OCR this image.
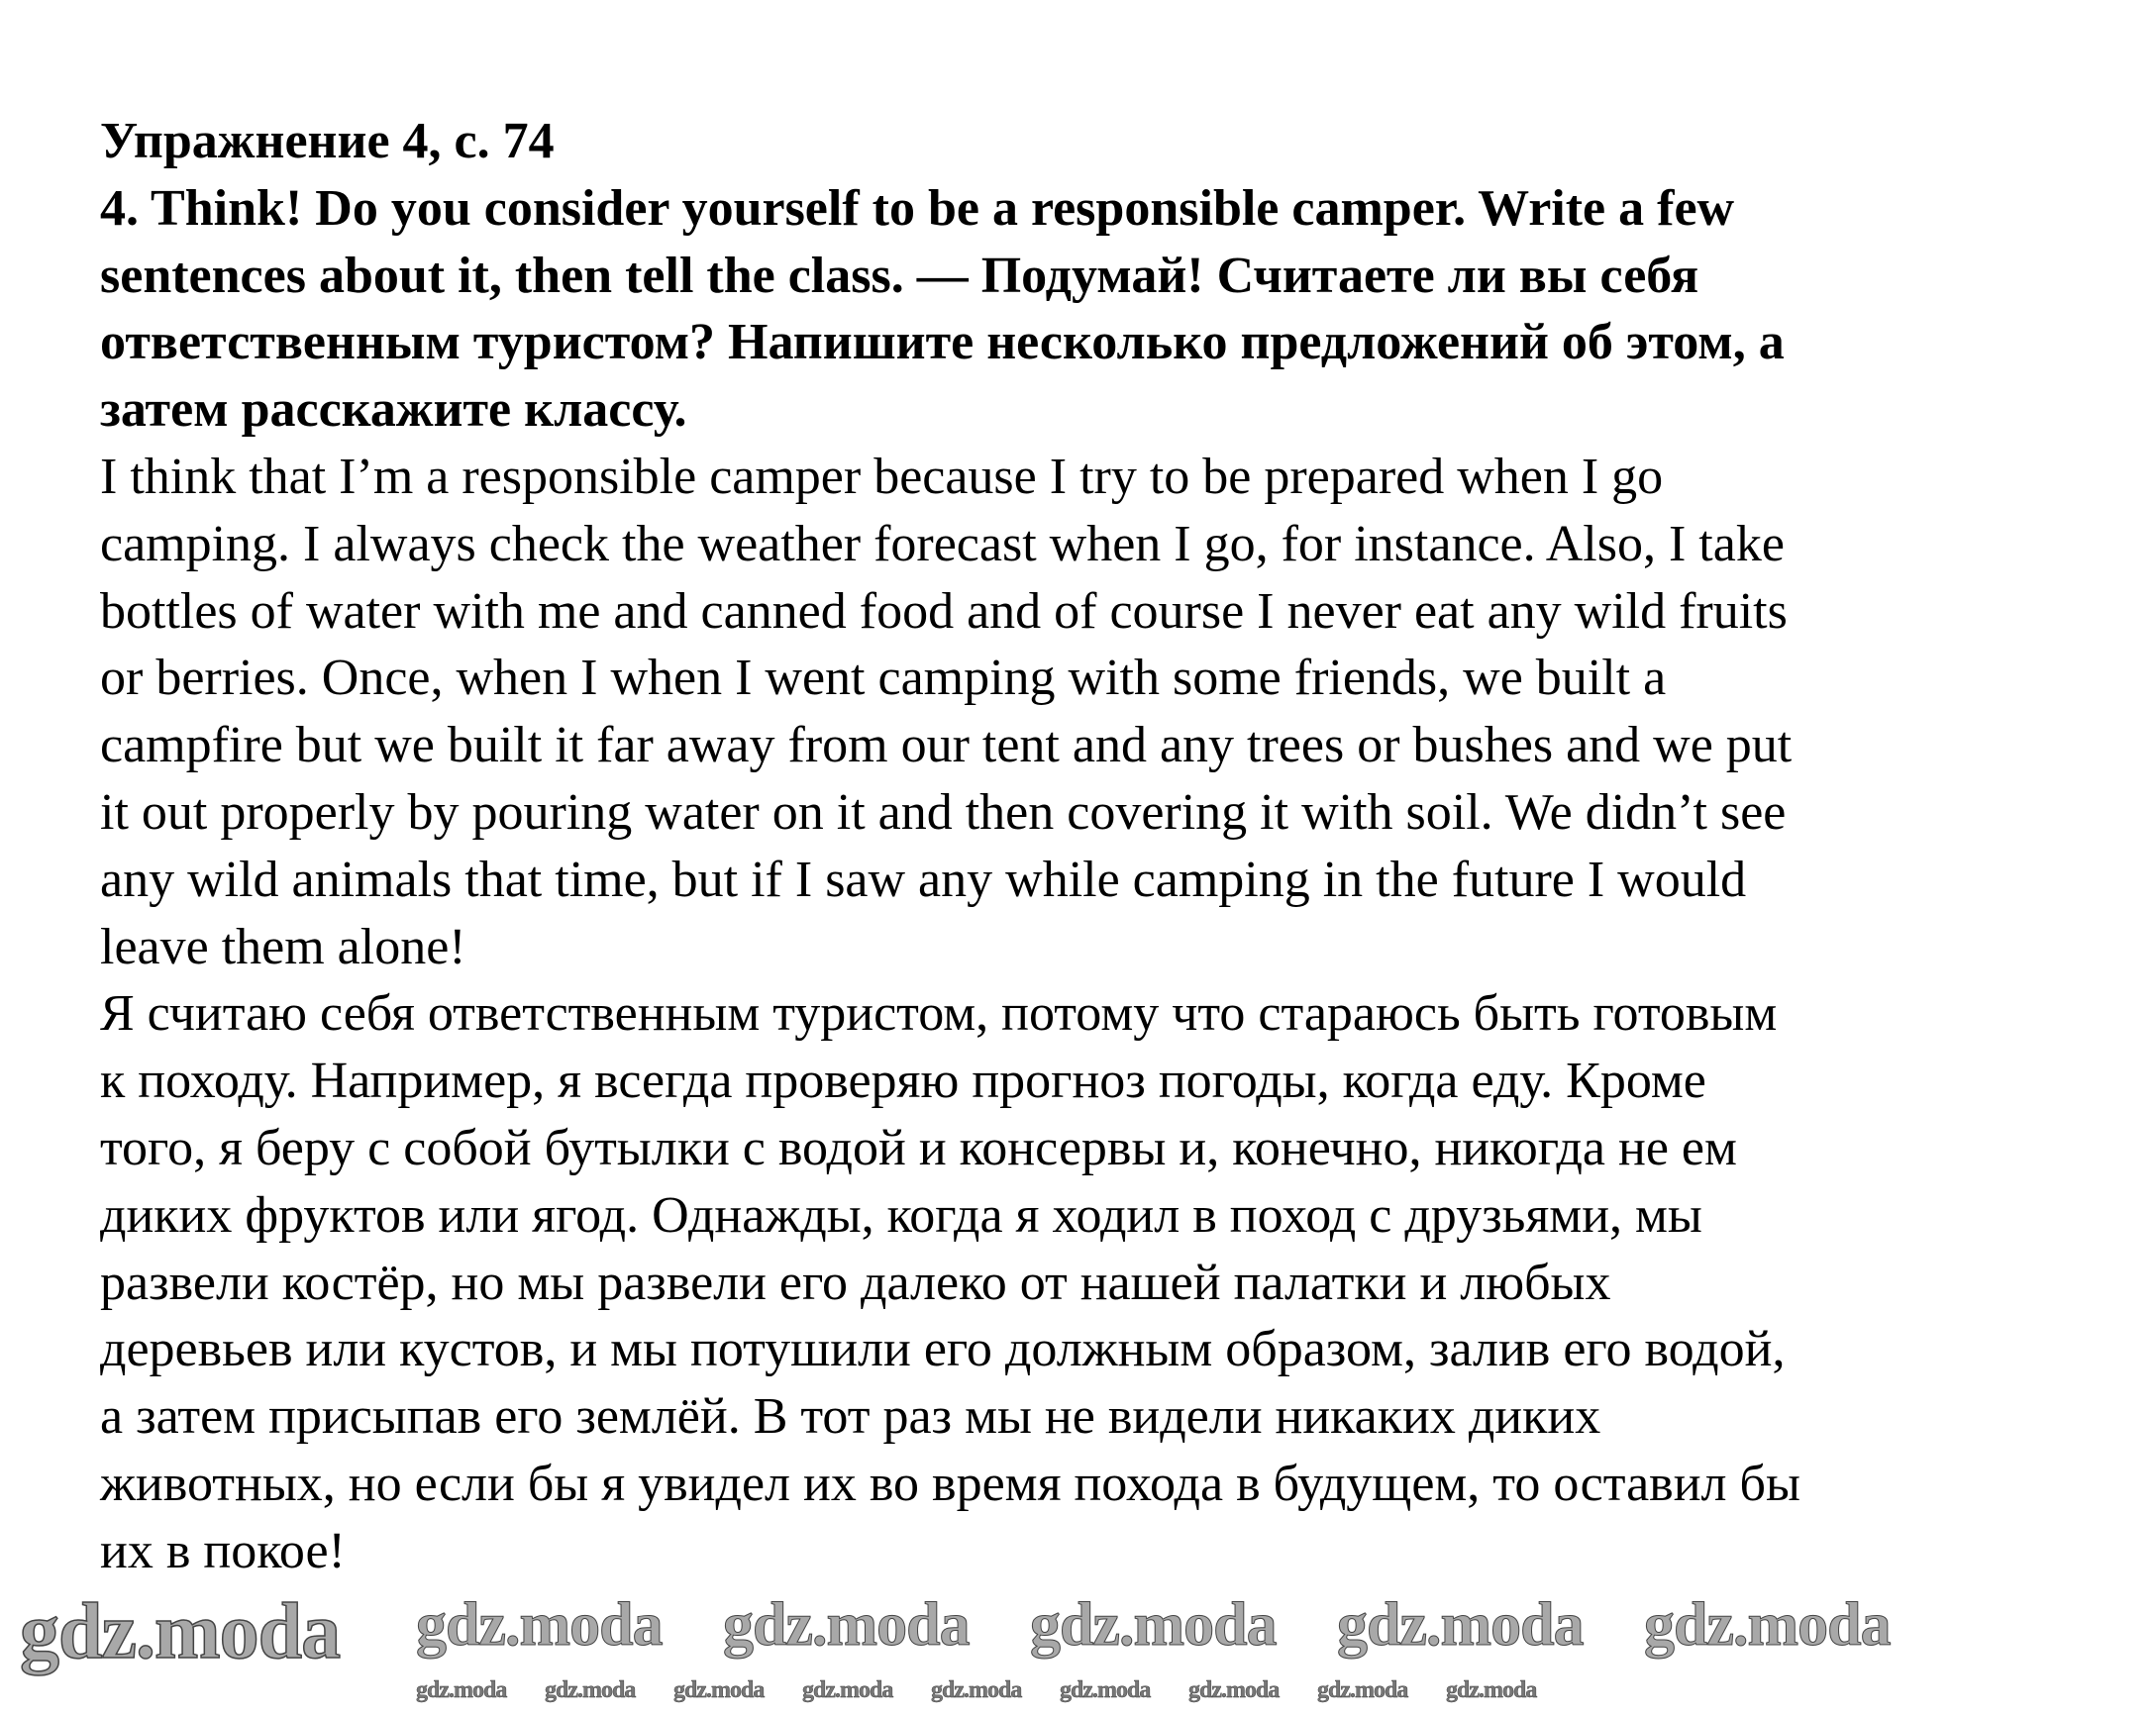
Упражнение 4, с. 74
4. Think! Do you consider yourself to be a responsible camper. Write a few
sentences about it, then tell the class. — Подумай! Считаете ли вы себя
ответственным туристом? Напишите несколько предложений об этом, а
затем расскажите классу.
I think that I’m a responsible camper because I try to be prepared when I go
camping. I always check the weather forecast when I go, for instance. Also, I take
bottles of water with me and canned food and of course I never eat any wild fruits
or berries. Once, when I when I went camping with some friends, we built a
campfire but we built it far away from our tent and any trees or bushes and we put
it out properly by pouring water on it and then covering it with soil. We didn’t see
any wild animals that time, but if I saw any while camping in the future I would
leave them alone!
Я считаю себя ответственным туристом, потому что стараюсь быть готовым
к походу. Например, я всегда проверяю прогноз погоды, когда еду. Кроме
того, я беру с собой бутылки с водой и консервы и, конечно, никогда не ем
диких фруктов или ягод. Однажды, когда я ходил в поход с друзьями, мы
развели костёр, но мы развели его далеко от нашей палатки и любых
деревьев или кустов, и мы потушили его должным образом, залив его водой,
а затем присыпав его землёй. В тот раз мы не видели никаких диких
животных, но если бы я увидел их во время похода в будущем, то оставил бы
их в покое!
gdz.moda gdz.moda gdz.moda gdz.moda gdz.moda gdz.moda
gdz.moda gdz.moda gdz.moda gdz.moda gdz.moda gdz.moda gdz.moda gdz.moda gdz.moda
